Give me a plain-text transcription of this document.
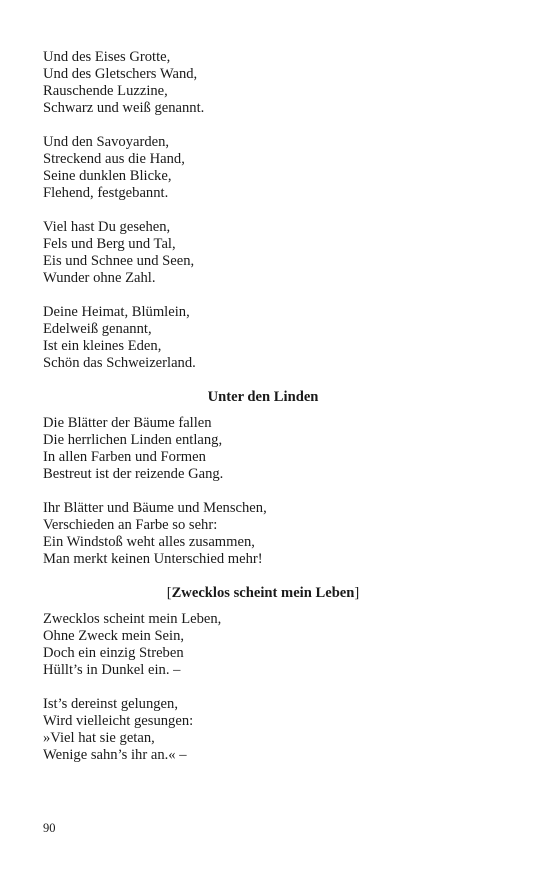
Und des Eises Grotte,
Und des Gletschers Wand,
Rauschende Luzzine,
Schwarz und weiß genannt.
Und den Savoyarden,
Streckend aus die Hand,
Seine dunklen Blicke,
Flehend, festgebannt.
Viel hast Du gesehen,
Fels und Berg und Tal,
Eis und Schnee und Seen,
Wunder ohne Zahl.
Deine Heimat, Blümlein,
Edelweiß genannt,
Ist ein kleines Eden,
Schön das Schweizerland.
Unter den Linden
Die Blätter der Bäume fallen
Die herrlichen Linden entlang,
In allen Farben und Formen
Bestreut ist der reizende Gang.
Ihr Blätter und Bäume und Menschen,
Verschieden an Farbe so sehr:
Ein Windstoß weht alles zusammen,
Man merkt keinen Unterschied mehr!
[Zwecklos scheint mein Leben]
Zwecklos scheint mein Leben,
Ohne Zweck mein Sein,
Doch ein einzig Streben
Hüllt’s in Dunkel ein. –
Ist’s dereinst gelungen,
Wird vielleicht gesungen:
»Viel hat sie getan,
Wenige sahn’s ihr an.« –
90
